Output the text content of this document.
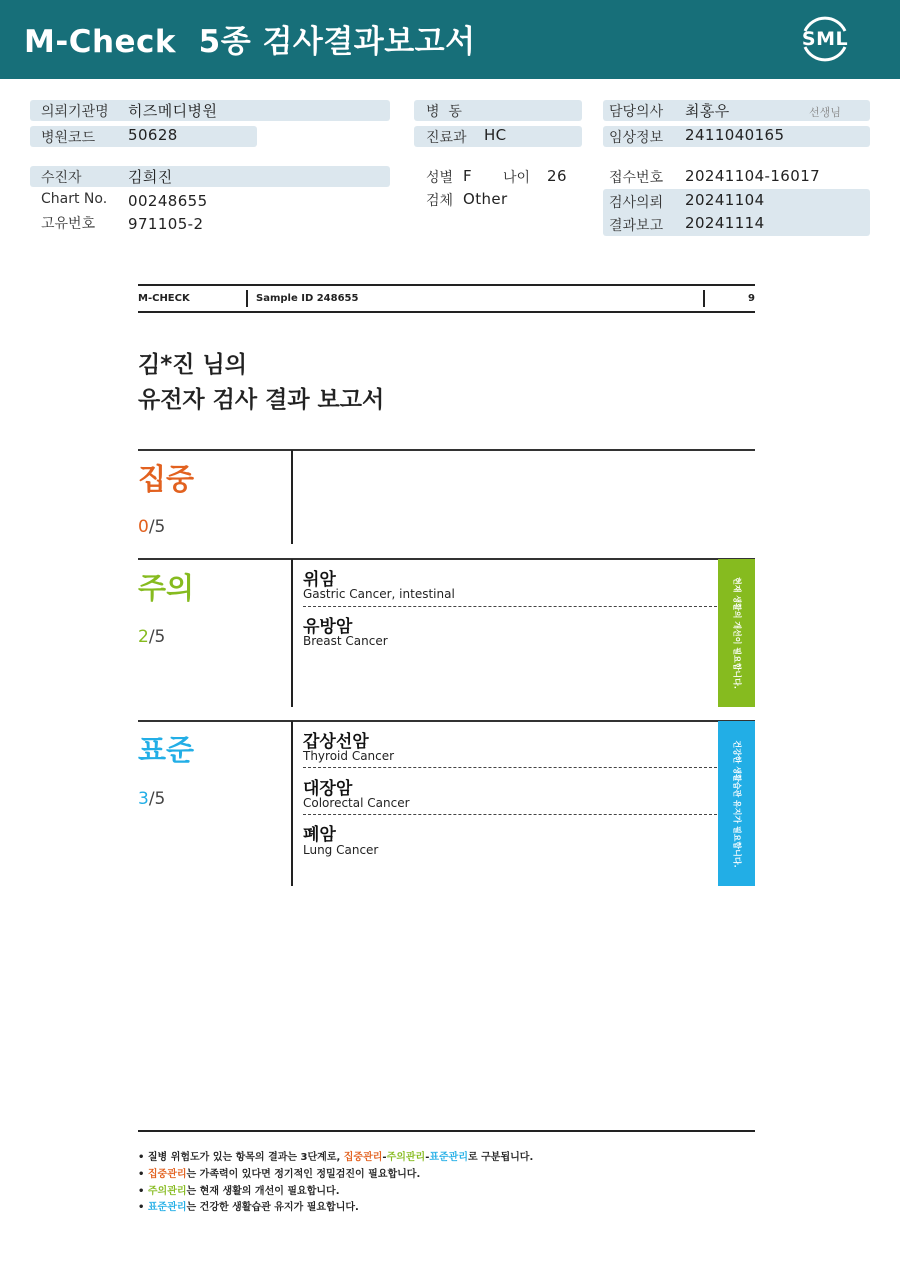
M-Check  5종 검사결과보고서	SML
의뢰기관명 히즈메디병원
병원코드 50628
병  동
진료과 HC
담당의사 최홍우	선생님
임상정보 2411040165
수진자	김희진
Chart No. 00248655
고유번호 971105-2
성별 F 나이 26
검체 Other
접수번호 20241104-16017
검사의뢰 20241104
결과보고 20241114
M-CHECK	Sample ID 248655	9
김*진 님의
유전자 검사 결과 보고서
집중
0/5
주의
2/5
위암
Gastric Cancer, intestinal
유방암
Breast Cancer	현재 생활의 개선이 필요합니다.
표준
3/5
갑상선암
Thyroid Cancer
대장암
Colorectal Cancer
폐암
Lung Cancer	건강한 생활습관 유지가 필요합니다.
• 질병 위험도가 있는 항목의 결과는 3단계로, 집중관리-주의관리-표준관리로 구분됩니다.
• 집중관리는 가족력이 있다면 정기적인 정밀검진이 필요합니다.
• 주의관리는 현재 생활의 개선이 필요합니다.
• 표준관리는 건강한 생활습관 유지가 필요합니다.
